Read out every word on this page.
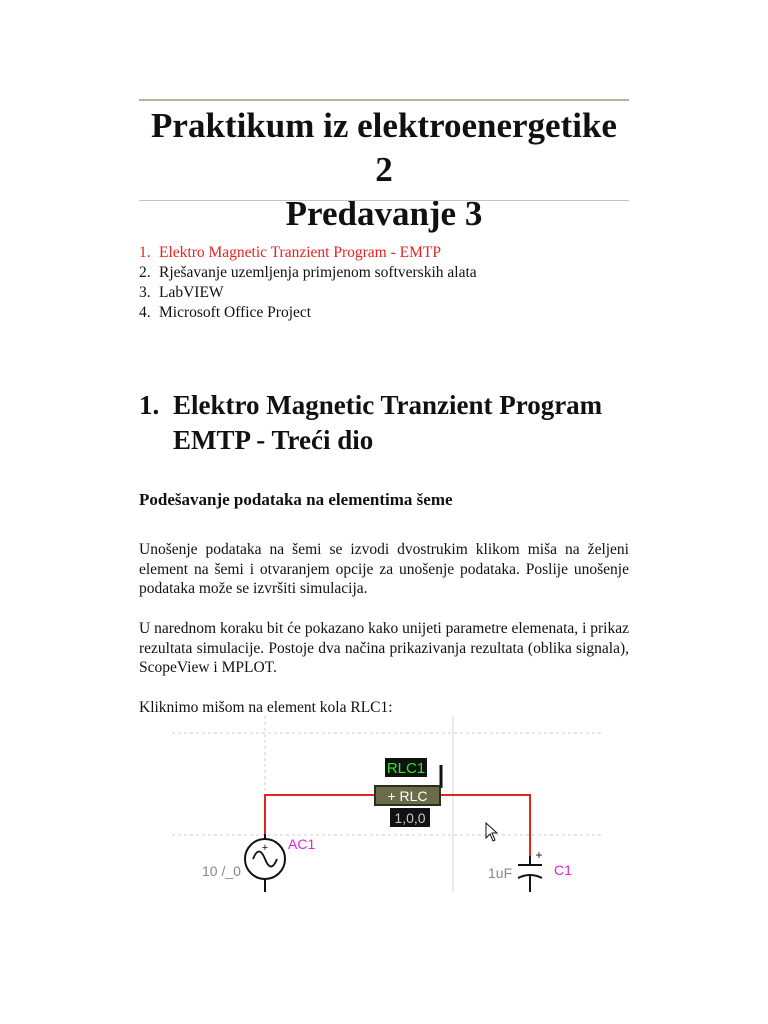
Praktikum iz elektroenergetike 2
Predavanje 3
1. Elektro Magnetic Tranzient Program - EMTP
2. Rješavanje uzemljenja primjenom softverskih alata
3. LabVIEW
4. Microsoft Office Project
1. Elektro Magnetic Tranzient Program
EMTP - Treći dio
Podešavanje podataka na elementima šeme

Unošenje podataka na šemi se izvodi dvostrukim klikom miša na željeni element na šemi i otvaranjem opcije za unošenje podataka. Poslije unošenje podataka može se izvršiti simulacija.

U narednom koraku bit će pokazano kako unijeti parametre elemenata, i prikaz rezultata simulacije. Postoje dva načina prikazivanja rezultata (oblika signala), ScopeView i MPLOT.

Kliknimo mišom na element kola RLC1:

RLC1
+ RLC
1,0,0
+ AC1
10 /_0
+
C1
1uF
